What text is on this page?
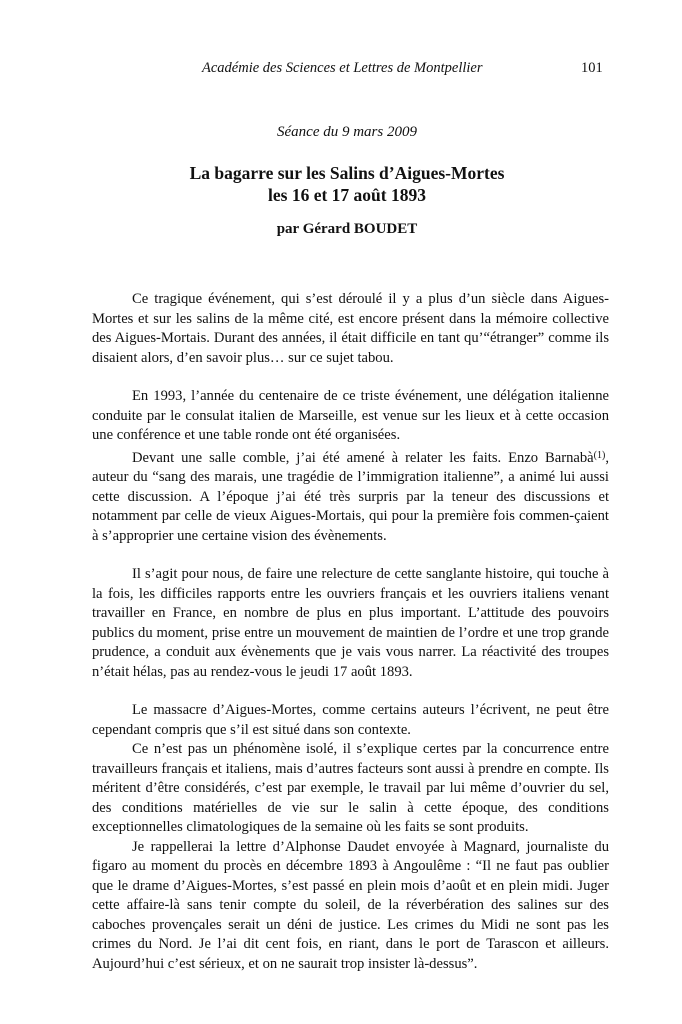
Académie des Sciences et Lettres de Montpellier	101
Séance du 9 mars 2009
La bagarre sur les Salins d’Aigues-Mortes
les 16 et 17 août 1893
par Gérard BOUDET

Ce tragique événement, qui s’est déroulé il y a plus d’un siècle dans Aigues-Mortes et sur les salins de la même cité, est encore présent dans la mémoire collective des Aigues-Mortais. Durant des années, il était difficile en tant qu’“étranger” comme ils disaient alors, d’en savoir plus… sur ce sujet tabou.

En 1993, l’année du centenaire de ce triste événement, une délégation italienne conduite par le consulat italien de Marseille, est venue sur les lieux et à cette occasion une conférence et une table ronde ont été organisées.

Devant une salle comble, j’ai été amené à relater les faits. Enzo Barnabà$^{(1)}$, auteur du “sang des marais, une tragédie de l’immigration italienne”, a animé lui aussi cette discussion. A l’époque j’ai été très surpris par la teneur des discussions et notamment par celle de vieux Aigues-Mortais, qui pour la première fois commen-çaient à s’approprier une certaine vision des évènements.

Il s’agit pour nous, de faire une relecture de cette sanglante histoire, qui touche à la fois, les difficiles rapports entre les ouvriers français et les ouvriers italiens venant travailler en France, en nombre de plus en plus important. L’attitude des pouvoirs publics du moment, prise entre un mouvement de maintien de l’ordre et une trop grande prudence, a conduit aux évènements que je vais vous narrer. La réactivité des troupes n’était hélas, pas au rendez-vous le jeudi 17 août 1893.

Le massacre d’Aigues-Mortes, comme certains auteurs l’écrivent, ne peut être cependant compris que s’il est situé dans son contexte.

Ce n’est pas un phénomène isolé, il s’explique certes par la concurrence entre travailleurs français et italiens, mais d’autres facteurs sont aussi à prendre en compte. Ils méritent d’être considérés, c’est par exemple, le travail par lui même d’ouvrier du sel, des conditions matérielles de vie sur le salin à cette époque, des conditions exceptionnelles climatologiques de la semaine où les faits se sont produits.

Je rappellerai la lettre d’Alphonse Daudet envoyée à Magnard, journaliste du figaro au moment du procès en décembre 1893 à Angoulême : “Il ne faut pas oublier que le drame d’Aigues-Mortes, s’est passé en plein mois d’août et en plein midi. Juger cette affaire-là sans tenir compte du soleil, de la réverbération des salines sur des caboches provençales serait un déni de justice. Les crimes du Midi ne sont pas les crimes du Nord. Je l’ai dit cent fois, en riant, dans le port de Tarascon et ailleurs. Aujourd’hui c’est sérieux, et on ne saurait trop insister là-dessus”.
